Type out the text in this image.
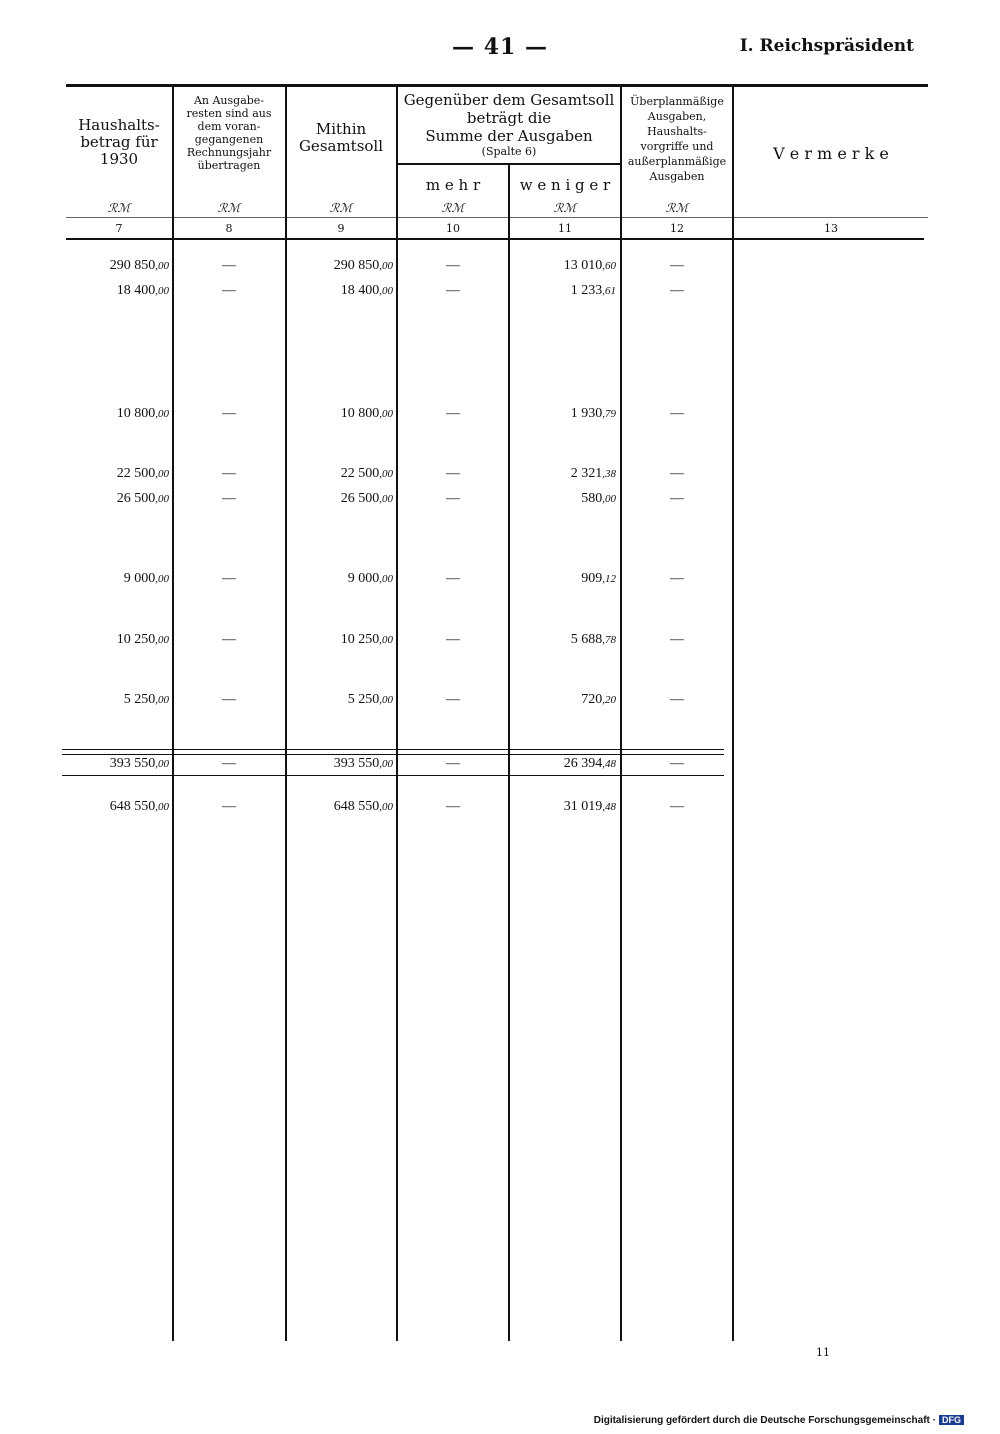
— 41 —	I. Reichspräsident
Haushalts-
betrag für
1930
An Ausgabe-
resten sind aus
dem voran-
gegangenen
Rechnungsjahr
übertragen
Mithin
Gesamtsoll
Gegenüber dem Gesamtsoll
beträgt die
Summe der Ausgaben
(Spalte 6)
m e h r	w e n i g e r
Überplanmäßige
Ausgaben,
Haushalts-
vorgriffe und
außerplanmäßige
Ausgaben
V e r m e r k e
ℛℳ	ℛℳ	ℛℳ	ℛℳ	ℛℳ	ℛℳ
7	8	9	10	11	12	13
290 850,00	—	290 850,00	—	13 010,60	—
18 400,00	—	18 400,00	—	1 233,61	—
10 800,00	—	10 800,00	—	1 930,79	—
22 500,00	—	22 500,00	—	2 321,38	—
26 500,00	—	26 500,00	—	580,00	—
9 000,00	—	9 000,00	—	909,12	—
10 250,00	—	10 250,00	—	5 688,78	—
5 250,00	—	5 250,00	—	720,20	—
393 550,00	—	393 550,00	—	26 394,48	—
648 550,00	—	648 550,00	—	31 019,48	—
11
Digitalisierung gefördert durch die Deutsche Forschungsgemeinschaft · DFG
